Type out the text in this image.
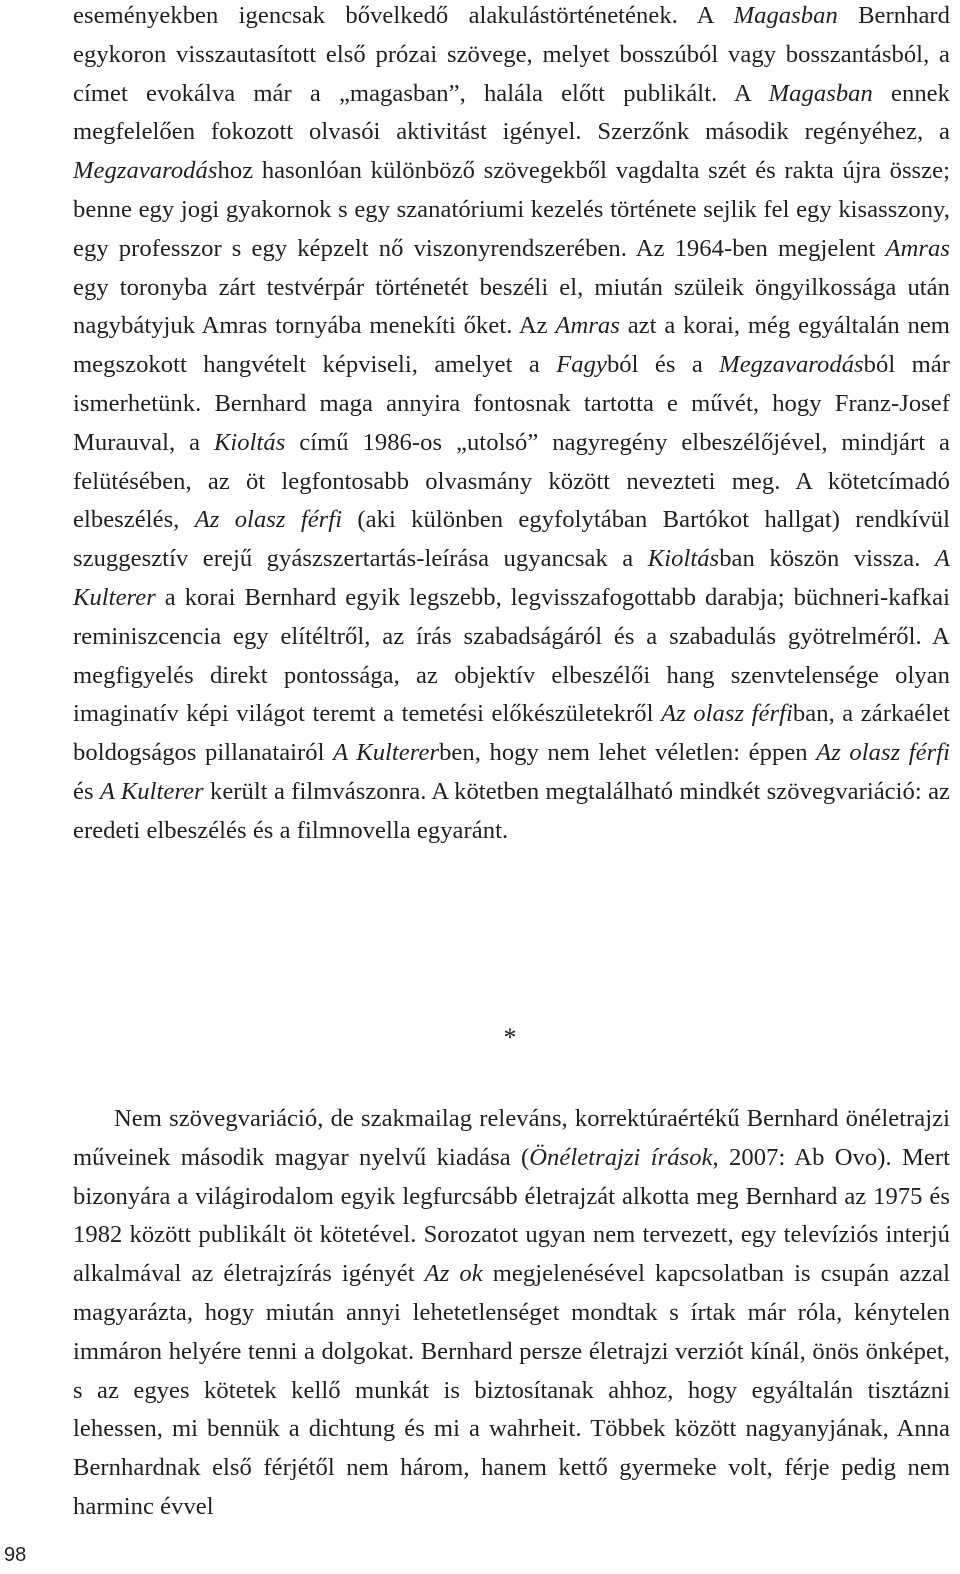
eseményekben igencsak bővelkedő alakulástörténetének. A Magasban Bernhard egykoron visszautasított első prózai szövege, melyet bosszúból vagy bosszantásból, a címet evokálva már a „magasban”, halála előtt publikált. A Magasban ennek megfelelően fokozott olvasói aktivitást igényel. Szerzőnk második regényéhez, a Megzavarodáshoz hasonlóan különböző szövegekből vagdalta szét és rakta újra össze; benne egy jogi gyakornok s egy szanatóriumi kezelés története sejlik fel egy kisasszony, egy professzor s egy képzelt nő viszonyrendszerében. Az 1964-ben megjelent Amras egy toronyba zárt testvérpár történetét beszéli el, miután szüleik öngyilkossága után nagybátyjuk Amras tornyába menekíti őket. Az Amras azt a korai, még egyáltalán nem megszokott hangvételt képviseli, amelyet a Fagyból és a Megzavarodásból már ismerhetünk. Bernhard maga annyira fontosnak tartotta e művét, hogy Franz-Josef Murauval, a Kioltás című 1986-os „utolsó” nagyregény elbeszélőjével, mindjárt a felütésében, az öt legfontosabb olvasmány között nevezteti meg. A kötetcímadó elbeszélés, Az olasz férfi (aki különben egyfolytában Bartókot hallgat) rendkívül szuggesztív erejű gyászszertartás-leírása ugyancsak a Kioltásban köszön vissza. A Kulterer a korai Bernhard egyik legszebb, legvisszafogottabb darabja; büchneri-kafkai reminiszcencia egy elítéltről, az írás szabadságáról és a szabadulás gyötrelméről. A megfigyelés direkt pontossága, az objektív elbeszélői hang szenvtelensége olyan imaginatív képi világot teremt a temetési előkészületekről Az olasz férfiban, a zárkaélet boldogságos pillanatairól A Kultererben, hogy nem lehet véletlen: éppen Az olasz férfi és A Kulterer került a filmvászonra. A kötetben megtalálható mindkét szövegvariáció: az eredeti elbeszélés és a filmnovella egyaránt.

*

Nem szövegvariáció, de szakmailag releváns, korrektúraértékű Bernhard önéletrajzi műveinek második magyar nyelvű kiadása (Önéletrajzi írások, 2007: Ab Ovo). Mert bizonyára a világirodalom egyik legfurcsább életrajzát alkotta meg Bernhard az 1975 és 1982 között publikált öt kötetével. Sorozatot ugyan nem tervezett, egy televíziós interjú alkalmával az életrajzírás igényét Az ok megjelenésével kapcsolatban is csupán azzal magyarázta, hogy miután annyi lehetetlenséget mondtak s írtak már róla, kénytelen immáron helyére tenni a dolgokat. Bernhard persze életrajzi verziót kínál, önös önképet, s az egyes kötetek kellő munkát is biztosítanak ahhoz, hogy egyáltalán tisztázni lehessen, mi bennük a dichtung és mi a wahrheit. Többek között nagyanyjának, Anna Bernhardnak első férjétől nem három, hanem kettő gyermeke volt, férje pedig nem harminc évvel

98
